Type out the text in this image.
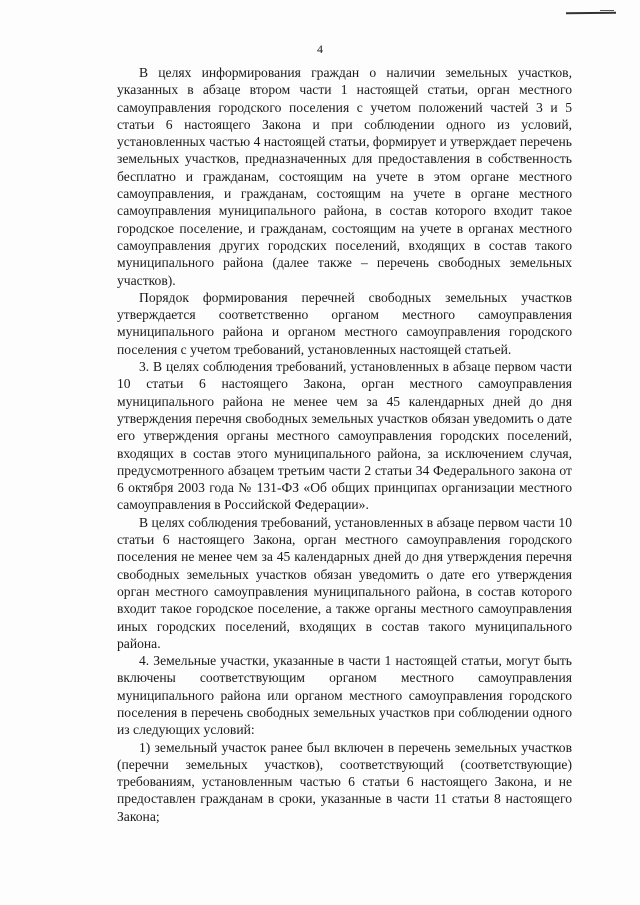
4

В целях информирования граждан о наличии земельных участков, указанных в абзаце втором части 1 настоящей статьи, орган местного самоуправления городского поселения с учетом положений частей 3 и 5 статьи 6 настоящего Закона и при соблюдении одного из условий, установленных частью 4 настоящей статьи, формирует и утверждает перечень земельных участков, предназначенных для предоставления в собственность бесплатно и гражданам, состоящим на учете в этом органе местного самоуправления, и гражданам, состоящим на учете в органе местного самоуправления муниципального района, в состав которого входит такое городское поселение, и гражданам, состоящим на учете в органах местного самоуправления других городских поселений, входящих в состав такого муниципального района (далее также – перечень свободных земельных участков).

Порядок формирования перечней свободных земельных участков утверждается соответственно органом местного самоуправления муниципального района и органом местного самоуправления городского поселения с учетом требований, установленных настоящей статьей.

3. В целях соблюдения требований, установленных в абзаце первом части 10 статьи 6 настоящего Закона, орган местного самоуправления муниципального района не менее чем за 45 календарных дней до дня утверждения перечня свободных земельных участков обязан уведомить о дате его утверждения органы местного самоуправления городских поселений, входящих в состав этого муниципального района, за исключением случая, предусмотренного абзацем третьим части 2 статьи 34 Федерального закона от 6 октября 2003 года № 131-ФЗ «Об общих принципах организации местного самоуправления в Российской Федерации».

В целях соблюдения требований, установленных в абзаце первом части 10 статьи 6 настоящего Закона, орган местного самоуправления городского поселения не менее чем за 45 календарных дней до дня утверждения перечня свободных земельных участков обязан уведомить о дате его утверждения орган местного самоуправления муниципального района, в состав которого входит такое городское поселение, а также органы местного самоуправления иных городских поселений, входящих в состав такого муниципального района.

4. Земельные участки, указанные в части 1 настоящей статьи, могут быть включены соответствующим органом местного самоуправления муниципального района или органом местного самоуправления городского поселения в перечень свободных земельных участков при соблюдении одного из следующих условий:

1) земельный участок ранее был включен в перечень земельных участков (перечни земельных участков), соответствующий (соответствующие) требованиям, установленным частью 6 статьи 6 настоящего Закона, и не предоставлен гражданам в сроки, указанные в части 11 статьи 8 настоящего Закона;
